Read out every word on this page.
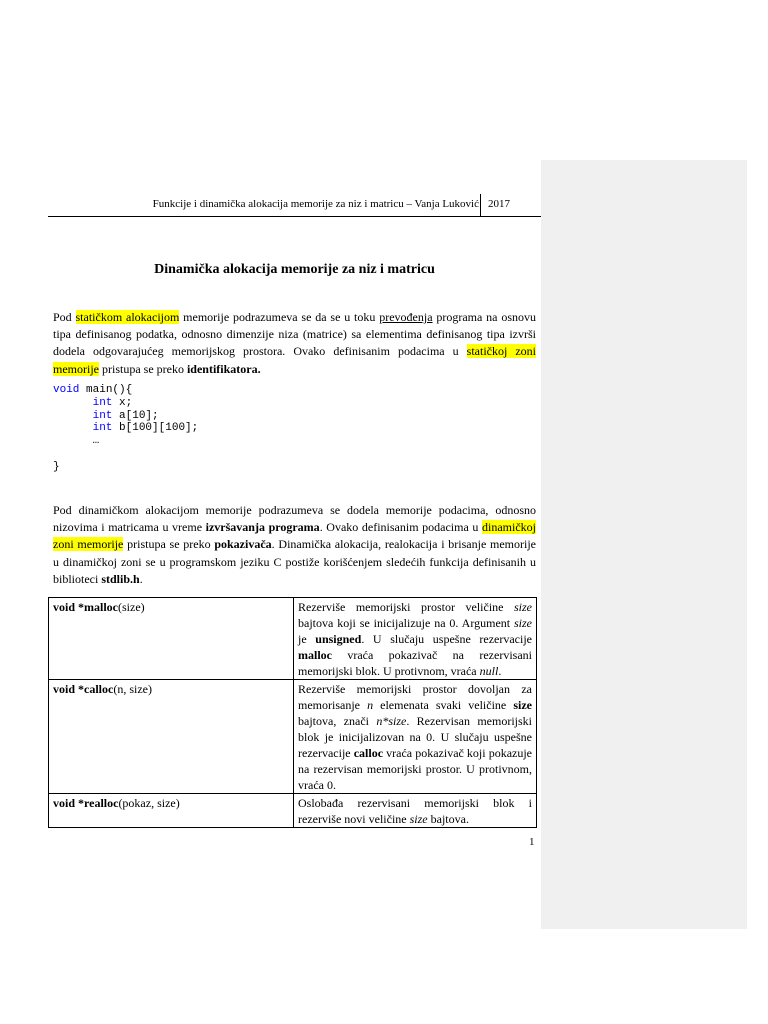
Funkcije i dinamička alokacija memorije za niz i matricu – Vanja Luković 2017
Dinamička alokacija memorije za niz i matricu

Pod statičkom alokacijom memorije podrazumeva se da se u toku prevođenja programa na osnovu tipa definisanog podatka, odnosno dimenzije niza (matrice) sa elementima definisanog tipa izvrši dodela odgovarajućeg memorijskog prostora. Ovako definisanim podacima u statičkoj zoni memorije pristupa se preko identifikatora.

void main(){
int x;
int a[10];
int b[100][100];
…

}

Pod dinamičkom alokacijom memorije podrazumeva se dodela memorije podacima, odnosno nizovima i matricama u vreme izvršavanja programa. Ovako definisanim podacima u dinamičkoj zoni memorije pristupa se preko pokazivača. Dinamička alokacija, realokacija i brisanje memorije u dinamičkoj zoni se u programskom jeziku C postiže korišćenjem sledećih funkcija definisanih u biblioteci stdlib.h.

void *malloc(size)	Rezerviše memorijski prostor veličine size bajtova koji se inicijalizuje na 0. Argument size je unsigned. U slučaju uspešne rezervacije malloc vraća pokazivač na rezervisani memorijski blok. U protivnom, vraća null.
void *calloc(n, size)	Rezerviše memorijski prostor dovoljan za memorisanje n elemenata svaki veličine size bajtova, znači n*size. Rezervisan memorijski blok je inicijalizovan na 0. U slučaju uspešne rezervacije calloc vraća pokazivač koji pokazuje na rezervisan memorijski prostor. U protivnom, vraća 0.
void *realloc(pokaz, size)	Oslobađa rezervisani memorijski blok i rezerviše novi veličine size bajtova.
1
